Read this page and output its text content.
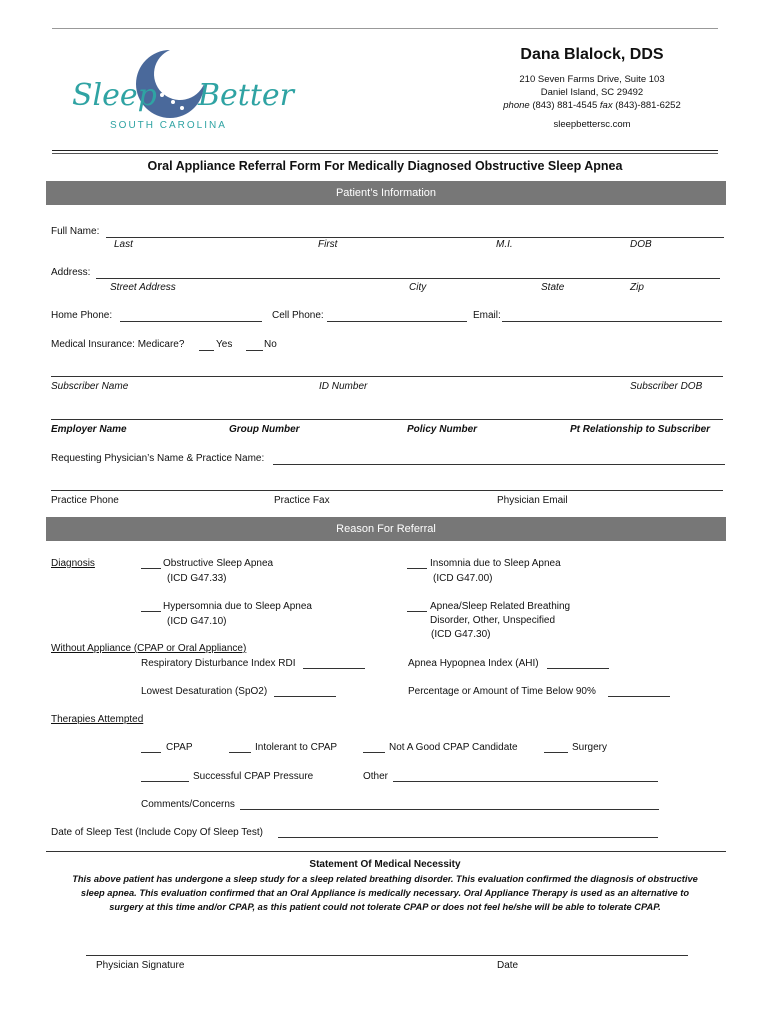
Sleep Better
SOUTH CAROLINA
Dana Blalock, DDS
210 Seven Farms Drive, Suite 103
Daniel Island, SC 29492
phone (843) 881-4545 fax (843)-881-6252
sleepbettersc.com
Oral Appliance Referral Form For Medically Diagnosed Obstructive Sleep Apnea
Patient’s Information
Full Name:
Last	First	M.I.	DOB
Address:
Street Address	City	State	Zip
Home Phone:	Cell Phone:	Email:
Medical Insurance: Medicare?	Yes	No
Subscriber Name	ID Number	Subscriber DOB
Employer Name	Group Number	Policy Number	Pt Relationship to Subscriber
Requesting Physician’s Name & Practice Name:
Practice Phone	Practice Fax	Physician Email
Reason For Referral
Diagnosis	Obstructive Sleep Apnea
(ICD G47.33)
Insomnia due to Sleep Apnea
(ICD G47.00)
Hypersomnia due to Sleep Apnea
(ICD G47.10)
Apnea/Sleep Related Breathing
Disorder, Other, Unspecified
(ICD G47.30)
Without Appliance (CPAP or Oral Appliance)
Respiratory Disturbance Index RDI	Apnea Hypopnea Index (AHI)
Lowest Desaturation (SpO2)	Percentage or Amount of Time Below 90%
Therapies Attempted
CPAP	Intolerant to CPAP	Not A Good CPAP Candidate	Surgery
Successful CPAP Pressure	Other
Comments/Concerns
Date of Sleep Test (Include Copy Of Sleep Test)
Statement Of Medical Necessity
This above patient has undergone a sleep study for a sleep related breathing disorder. This evaluation confirmed the diagnosis of obstructive
sleep apnea. This evaluation confirmed that an Oral Appliance is medically necessary. Oral Appliance Therapy is used as an alternative to
surgery at this time and/or CPAP, as this patient could not tolerate CPAP or does not feel he/she will be able to tolerate CPAP.
Physician Signature	Date
